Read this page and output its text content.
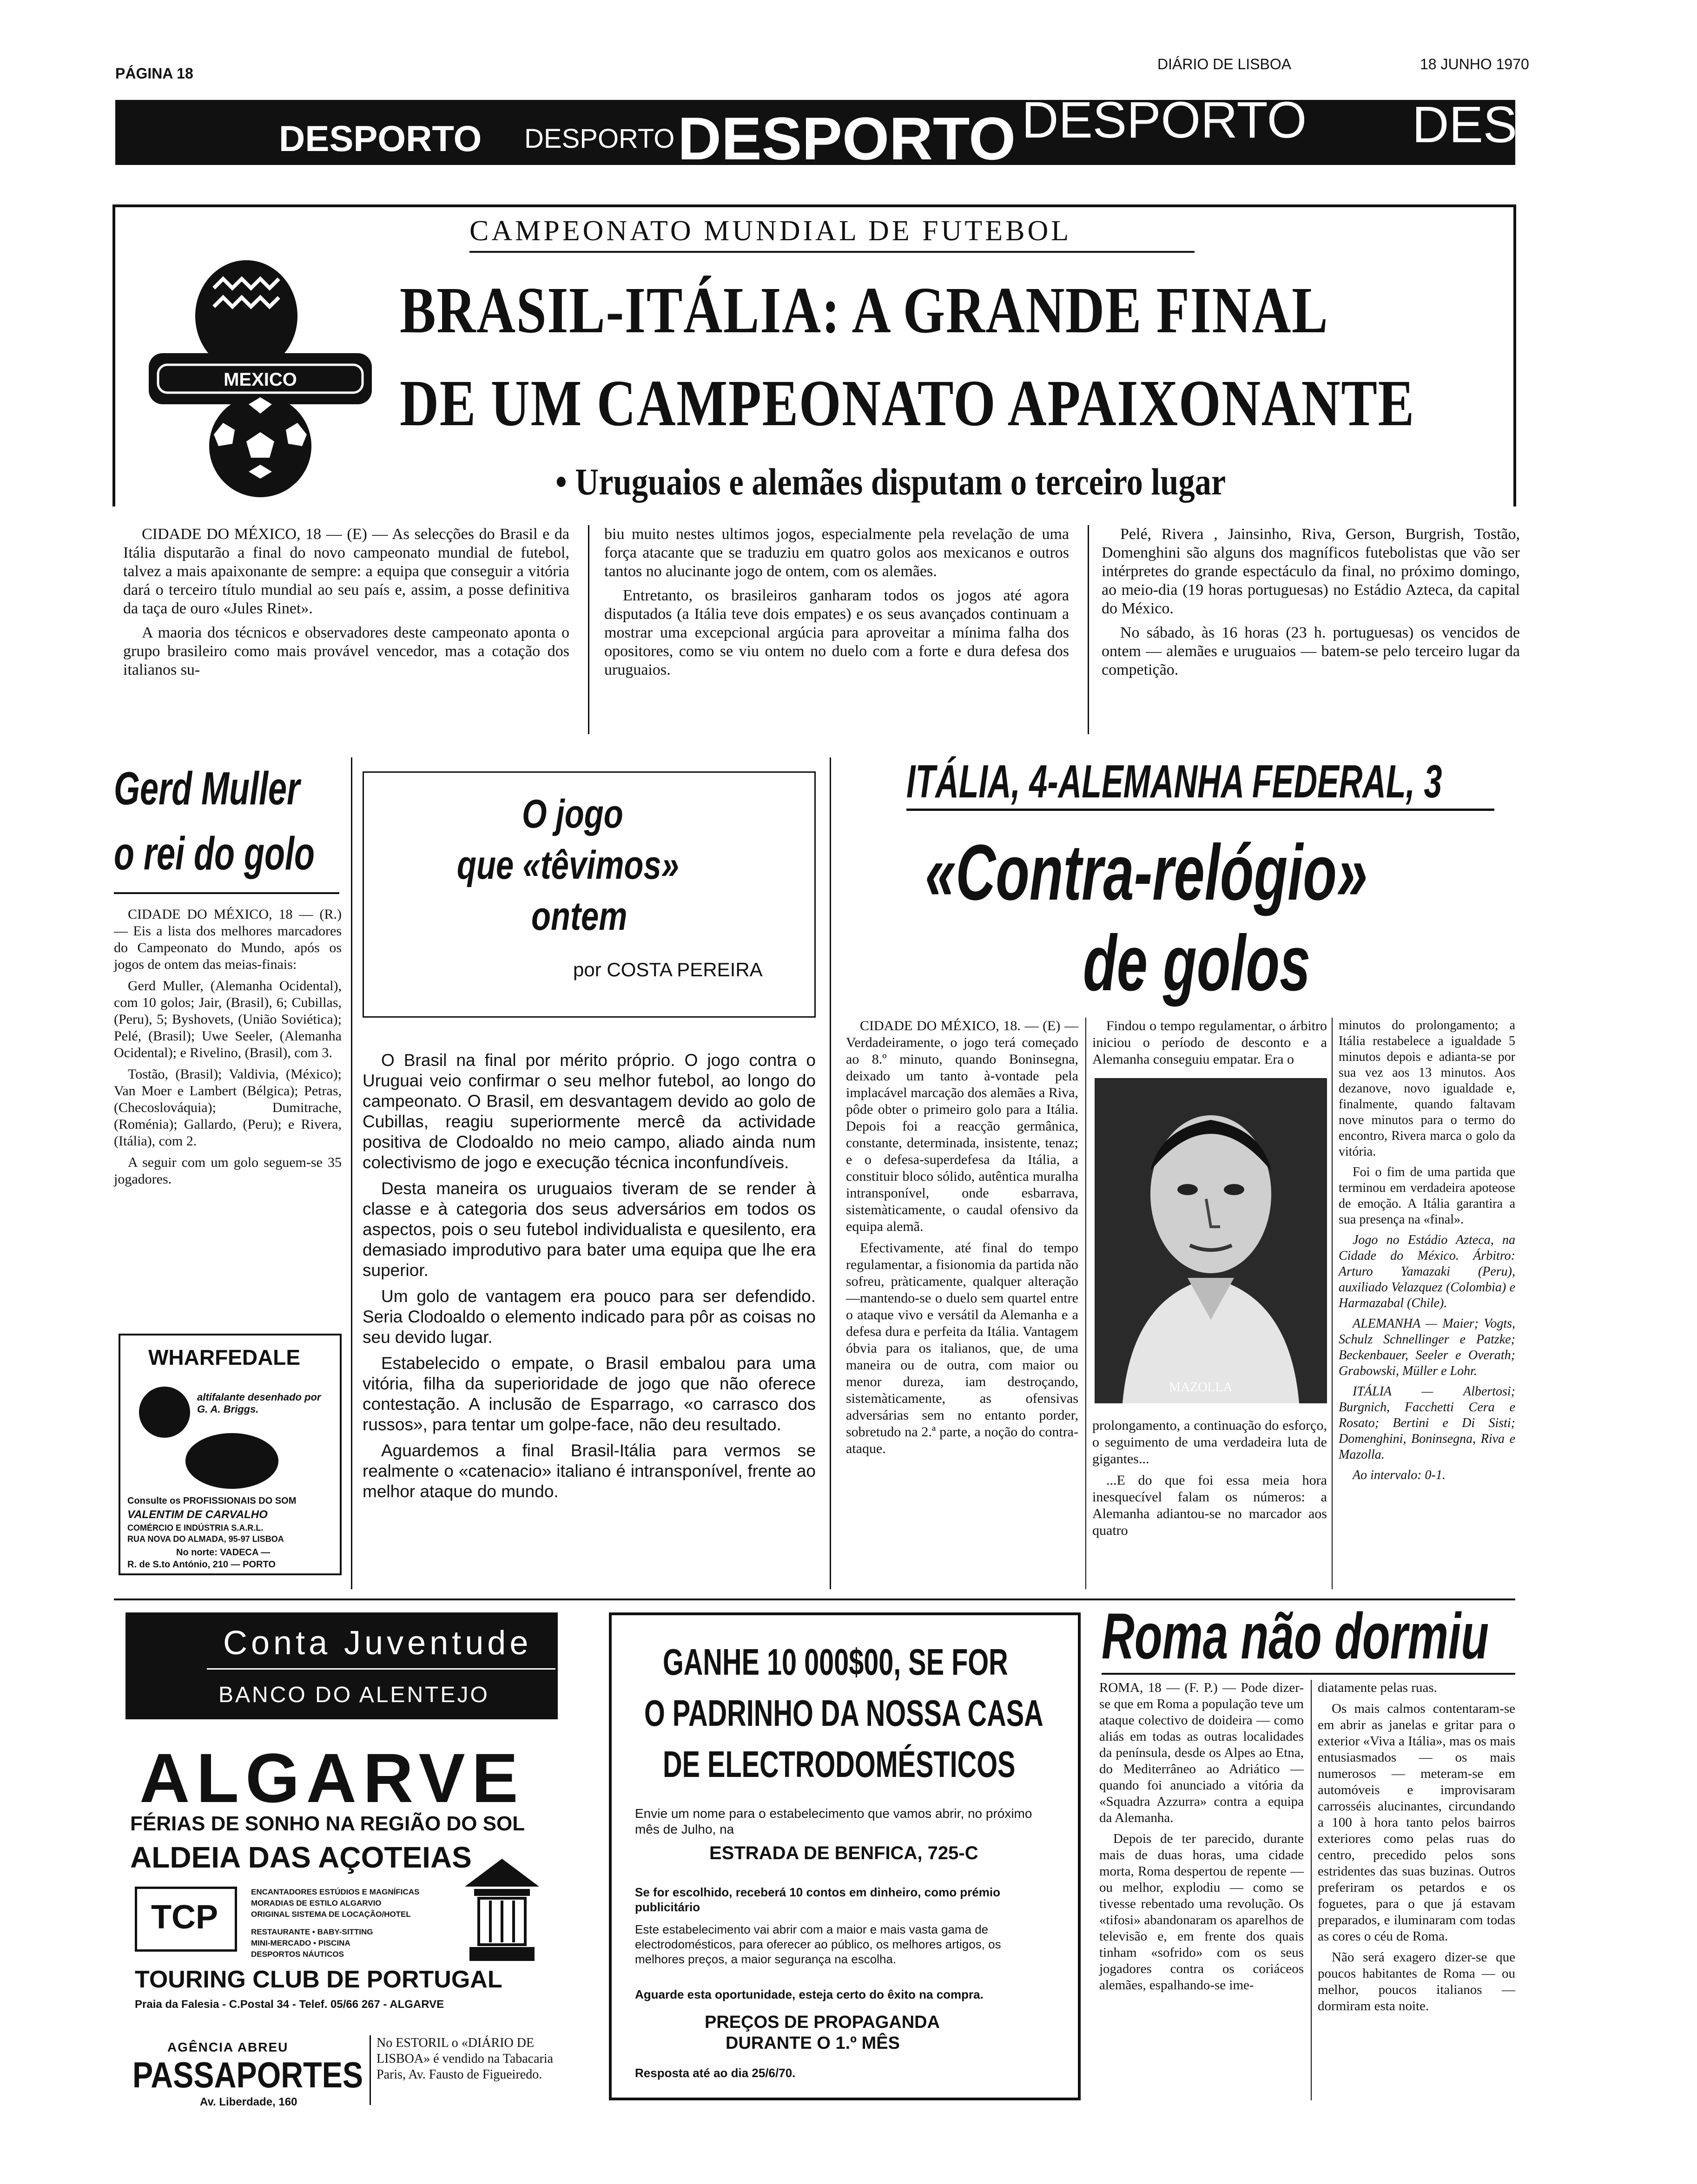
PÁGINA 18
DIÁRIO DE LISBOA	18 JUNHO 1970
DESPORTO DESPORTO DESPORTO DESPORTO DESPORTO
CAMPEONATO MUNDIAL DE FUTEBOL
MEXICO
BRASIL-ITÁLIA: A GRANDE FINAL
DE UM CAMPEONATO APAIXONANTE
• Uruguaios e alemães disputam o terceiro lugar

CIDADE DO MÉXICO, 18 — (E) — As selecções do Brasil e da Itália disputarão a final do novo campeonato mundial de futebol, talvez a mais apaixonante de sempre: a equipa que conseguir a vitória dará o terceiro título mundial ao seu país e, assim, a posse definitiva da taça de ouro «Jules Rinet».

A maoria dos técnicos e observadores deste campeonato aponta o grupo brasileiro como mais provável vencedor, mas a cotação dos italianos su-

biu muito nestes ultimos jogos, especialmente pela revelação de uma força atacante que se traduziu em quatro golos aos mexicanos e outros tantos no alucinante jogo de ontem, com os alemães.

Entretanto, os brasileiros ganharam todos os jogos até agora disputados (a Itália teve dois empates) e os seus avançados continuam a mostrar uma excepcional argúcia para aproveitar a mínima falha dos opositores, como se viu ontem no duelo com a forte e dura defesa dos uruguaios.

Pelé, Rivera , Jainsinho, Riva, Gerson, Burgrish, Tostão, Domenghini são alguns dos magníficos futebolistas que vão ser intérpretes do grande espectáculo da final, no próximo domingo, ao meio-dia (19 horas portuguesas) no Estádio Azteca, da capital do México.

No sábado, às 16 horas (23 h. portuguesas) os vencidos de ontem — alemães e uruguaios — batem-se pelo terceiro lugar da competição.

Gerd Muller
o rei do golo

CIDADE DO MÉXICO, 18 — (R.) — Eis a lista dos melhores marcadores do Campeonato do Mundo, após os jogos de ontem das meias-finais:

Gerd Muller, (Alemanha Ocidental), com 10 golos; Jair, (Brasil), 6; Cubillas, (Peru), 5; Byshovets, (União Soviética); Pelé, (Brasil); Uwe Seeler, (Alemanha Ocidental); e Rivelino, (Brasil), com 3.

Tostão, (Brasil); Valdivia, (México); Van Moer e Lambert (Bélgica); Petras, (Checoslováquia); Dumitrache, (Roménia); Gallardo, (Peru); e Rivera, (Itália), com 2.

A seguir com um golo seguem-se 35 jogadores.

WHARFEDALE
altifalante desenhado por G. A. Briggs.
Consulte os PROFISSIONAIS DO SOM
VALENTIM DE CARVALHO
COMÉRCIO E INDÚSTRIA S.A.R.L.
RUA NOVA DO ALMADA, 95-97 LISBOA
No norte: VADECA —
R. de S.to António, 210 — PORTO
O jogo
que «têvimos»
ontem
por COSTA PEREIRA

O Brasil na final por mérito próprio. O jogo contra o Uruguai veio confirmar o seu melhor futebol, ao longo do campeonato. O Brasil, em desvantagem devido ao golo de Cubillas, reagiu superiormente mercê da actividade positiva de Clodoaldo no meio campo, aliado ainda num colectivismo de jogo e execução técnica inconfundíveis.

Desta maneira os uruguaios tiveram de se render à classe e à categoria dos seus adversários em todos os aspectos, pois o seu futebol individualista e quesilento, era demasiado improdutivo para bater uma equipa que lhe era superior.

Um golo de vantagem era pouco para ser defendido. Seria Clodoaldo o elemento indicado para pôr as coisas no seu devido lugar.

Estabelecido o empate, o Brasil embalou para uma vitória, filha da superioridade de jogo que não oferece contestação. A inclusão de Esparrago, «o carrasco dos russos», para tentar um golpe-face, não deu resultado.

Aguardemos a final Brasil-Itália para vermos se realmente o «catenacio» italiano é intransponível, frente ao melhor ataque do mundo.

ITÁLIA, 4-ALEMANHA FEDERAL, 3
«Contra-relógio»
de golos

CIDADE DO MÉXICO, 18. — (E) — Verdadeiramente, o jogo terá começado ao 8.º minuto, quando Boninsegna, deixado um tanto à-vontade pela implacável marcação dos alemães a Riva, pôde obter o primeiro golo para a Itália. Depois foi a reacção germânica, constante, determinada, insistente, tenaz; e o defesa-superdefesa da Itália, a constituir bloco sólido, autêntica muralha intransponível, onde esbarrava, sistemàticamente, o caudal ofensivo da equipa alemã.

Efectivamente, até final do tempo regulamentar, a fisionomia da partida não sofreu, pràticamente, qualquer alteração—mantendo-se o duelo sem quartel entre o ataque vivo e versátil da Alemanha e a defesa dura e perfeita da Itália. Vantagem óbvia para os italianos, que, de uma maneira ou de outra, com maior ou menor dureza, iam destroçando, sistemàticamente, as ofensivas adversárias sem no entanto porder, sobretudo na 2.ª parte, a noção do contra-ataque.

Findou o tempo regulamentar, o árbitro iniciou o período de desconto e a Alemanha conseguiu empatar. Era o

MAZOLLA

prolongamento, a continuação do esforço, o seguimento de uma verdadeira luta de gigantes...

...E do que foi essa meia hora inesquecível falam os números: a Alemanha adiantou-se no marcador aos quatro

minutos do prolongamento; a Itália restabelece a igualdade 5 minutos depois e adianta-se por sua vez aos 13 minutos. Aos dezanove, novo igualdade e, finalmente, quando faltavam nove minutos para o termo do encontro, Rivera marca o golo da vitória.

Foi o fim de uma partida que terminou em verdadeira apoteose de emoção. A Itália garantira a sua presença na «final».

Jogo no Estádio Azteca, na Cidade do México. Árbitro: Arturo Yamazaki (Peru), auxiliado Velazquez (Colombia) e Harmazabal (Chile).

ALEMANHA — Maier; Vogts, Schulz Schnellinger e Patzke; Beckenbauer, Seeler e Overath; Grabowski, Müller e Lohr.

ITÁLIA — Albertosi; Burgnich, Facchetti Cera e Rosato; Bertini e Di Sisti; Domenghini, Boninsegna, Riva e Mazolla.

Ao intervalo: 0-1.

Conta Juventude
BANCO DO ALENTEJO
ALGARVE
FÉRIAS DE SONHO NA REGIÃO DO SOL
ALDEIA DAS AÇOTEIAS
TCP
ENCANTADORES ESTÚDIOS E MAGNÍFICAS MORADIAS DE ESTILO ALGARVIO
ORIGINAL SISTEMA DE LOCAÇÃO/HOTEL
RESTAURANTE • BABY-SITTING
MINI-MERCADO • PISCINA
DESPORTOS NÁUTICOS
TOURING CLUB DE PORTUGAL
Praia da Falesia - C.Postal 34 - Telef. 05/66 267 - ALGARVE
AGÊNCIA ABREU
PASSAPORTES
Av. Liberdade, 160
No ESTORIL o «DIÁRIO DE LISBOA» é vendido na Tabacaria Paris, Av. Fausto de Figueiredo.
GANHE 10 000$00, SE FOR
O PADRINHO DA NOSSA CASA
DE ELECTRODOMÉSTICOS
Envie um nome para o estabelecimento que vamos abrir, no próximo mês de Julho, na
ESTRADA DE BENFICA, 725-C
Se for escolhido, receberá 10 contos em dinheiro, como prémio publicitário
Este estabelecimento vai abrir com a maior e mais vasta gama de electrodomésticos, para oferecer ao público, os melhores artigos, os melhores preços, a maior segurança na escolha.
Aguarde esta oportunidade, esteja certo do êxito na compra.
PREÇOS DE PROPAGANDA
DURANTE O 1.º MÊS
Resposta até ao dia 25/6/70.
Roma não dormiu

ROMA, 18 — (F. P.) — Pode dizer-se que em Roma a população teve um ataque colectivo de doideira — como aliás em todas as outras localidades da península, desde os Alpes ao Etna, do Mediterrâneo ao Adriático — quando foi anunciado a vitória da «Squadra Azzurra» contra a equipa da Alemanha.

Depois de ter parecido, durante mais de duas horas, uma cidade morta, Roma despertou de repente — ou melhor, explodiu — como se tivesse rebentado uma revolução. Os «tifosi» abandonaram os aparelhos de televisão e, em frente dos quais tinham «sofrido» com os seus jogadores contra os coriáceos alemães, espalhando-se ime-

diatamente pelas ruas.

Os mais calmos contentaram-se em abrir as janelas e gritar para o exterior «Viva a Itália», mas os mais entusiasmados — os mais numerosos — meteram-se em automóveis e improvisaram carrosséis alucinantes, circundando a 100 à hora tanto pelos bairros exteriores como pelas ruas do centro, precedido pelos sons estridentes das suas buzinas. Outros preferiram os petardos e os foguetes, para o que já estavam preparados, e iluminaram com todas as cores o céu de Roma.

Não será exagero dizer-se que poucos habitantes de Roma — ou melhor, poucos italianos — dormiram esta noite.
